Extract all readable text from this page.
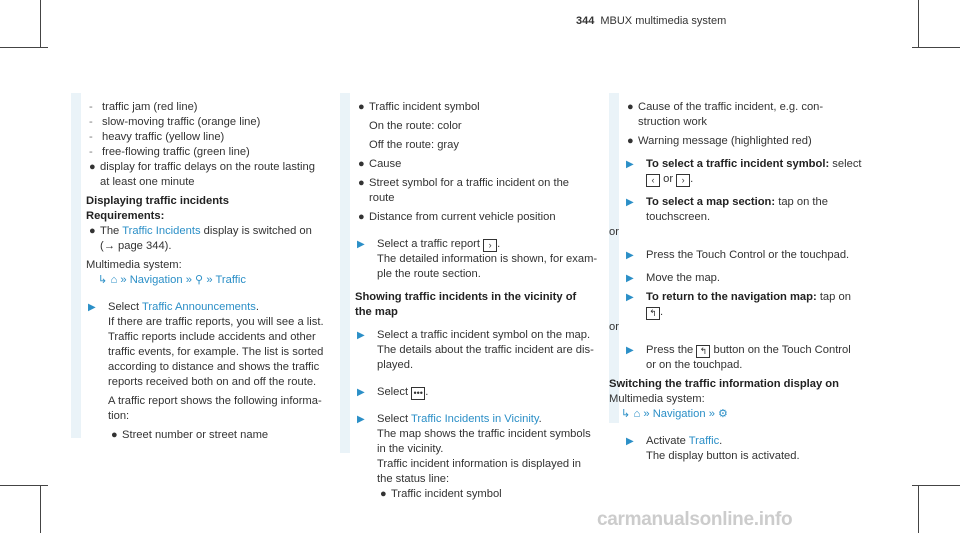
344 MBUX multimedia system
- traffic jam (red line)
- slow-moving traffic (orange line)
- heavy traffic (yellow line)
- free-flowing traffic (green line)
● display for traffic delays on the route lasting
at least one minute
Displaying traffic incidents
Requirements:
● The Traffic Incidents display is switched on
(→ page 344).
Multimedia system:
↳ ⌂ » Navigation » ⚲ » Traffic
▶ Select Traffic Announcements.
If there are traffic reports, you will see a list.
Traffic reports include accidents and other
traffic events, for example. The list is sorted
according to distance and shows the traffic
reports received both on and off the route.
A traffic report shows the following informa-
tion:
● Street number or street name
● Traffic incident symbol
On the route: color
Off the route: gray
● Cause
● Street symbol for a traffic incident on the
route
● Distance from current vehicle position
▶ Select a traffic report › .
The detailed information is shown, for exam-
ple the route section.
Showing traffic incidents in the vicinity of
the map
▶ Select a traffic incident symbol on the map.
The details about the traffic incident are dis-
played.
▶ Select ••• .
▶ Select Traffic Incidents in Vicinity.
The map shows the traffic incident symbols
in the vicinity.
Traffic incident information is displayed in
the status line:
● Traffic incident symbol
● Cause of the traffic incident, e.g. con-
struction work
● Warning message (highlighted red)
▶ To select a traffic incident symbol: select
‹ or › .
▶ To select a map section: tap on the
touchscreen.
or
▶ Press the Touch Control or the touchpad.
▶ Move the map.
▶ To return to the navigation map: tap on
↰ .
or
▶ Press the ↰ button on the Touch Control
or on the touchpad.
Switching the traffic information display on
Multimedia system:
↳ ⌂ » Navigation » ⚙
▶ Activate Traffic.
The display button is activated.
carmanualsonline.info
